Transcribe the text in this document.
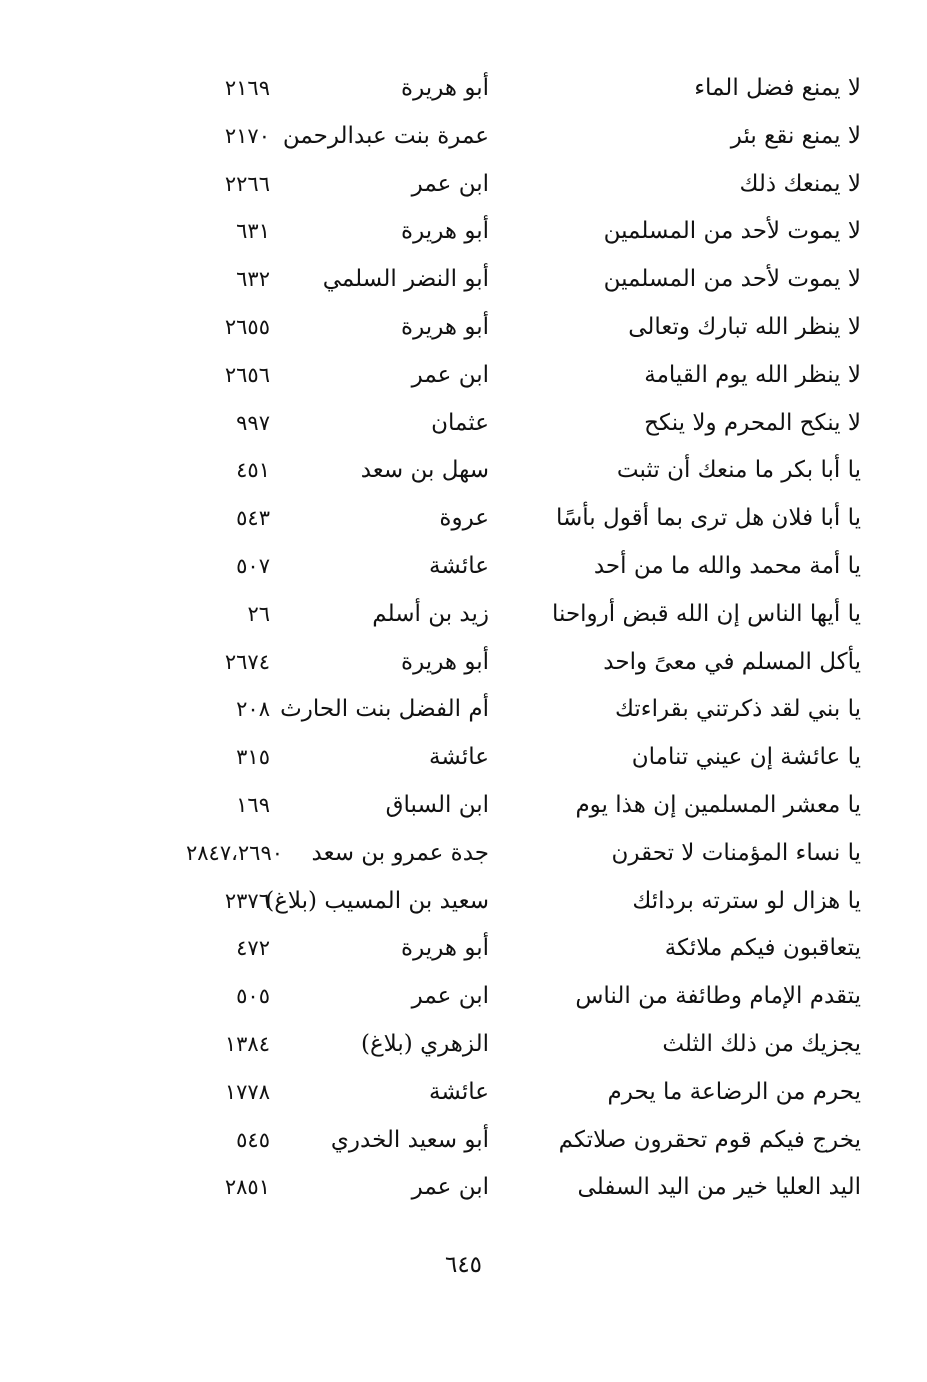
لا يمنع فضل الماء
أبو هريرة
٢١٦٩
لا يمنع نقع بئر
عمرة بنت عبدالرحمن
٢١٧٠
لا يمنعك ذلك
ابن عمر
٢٢٦٦
لا يموت لأحد من المسلمين
أبو هريرة
٦٣١
لا يموت لأحد من المسلمين
أبو النضر السلمي
٦٣٢
لا ينظر الله تبارك وتعالى
أبو هريرة
٢٦٥٥
لا ينظر الله يوم القيامة
ابن عمر
٢٦٥٦
لا ينكح المحرم ولا ينكح
عثمان
٩٩٧
يا أبا بكر ما منعك أن تثبت
سهل بن سعد
٤٥١
يا أبا فلان هل ترى بما أقول بأسًا
عروة
٥٤٣
يا أمة محمد والله ما من أحد
عائشة
٥٠٧
يا أيها الناس إن الله قبض أرواحنا
زيد بن أسلم
٢٦
يأكل المسلم في معىً واحد
أبو هريرة
٢٦٧٤
يا بني لقد ذكرتني بقراءتك
أم الفضل بنت الحارث
٢٠٨
يا عائشة إن عيني تنامان
عائشة
٣١٥
يا معشر المسلمين إن هذا يوم
ابن السباق
١٦٩
يا نساء المؤمنات لا تحقرن
جدة عمرو بن سعد
٢٨٤٧،٢٦٩٠
يا هزال لو سترته بردائك
سعيد بن المسيب (بلاغ)
٢٣٧٦
يتعاقبون فيكم ملائكة
أبو هريرة
٤٧٢
يتقدم الإمام وطائفة من الناس
ابن عمر
٥٠٥
يجزيك من ذلك الثلث
الزهري (بلاغ)
١٣٨٤
يحرم من الرضاعة ما يحرم
عائشة
١٧٧٨
يخرج فيكم قوم تحقرون صلاتكم
أبو سعيد الخدري
٥٤٥
اليد العليا خير من اليد السفلى
ابن عمر
٢٨٥١
٦٤٥
